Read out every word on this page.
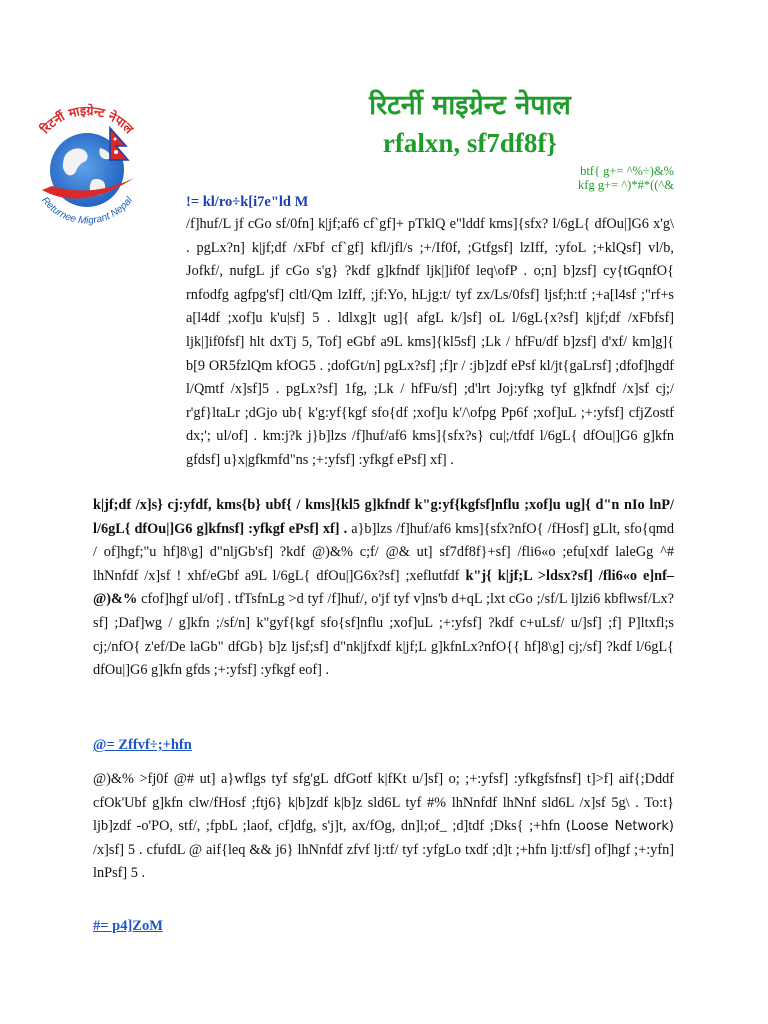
रिटर्नी माइग्रेन्ट नेपाल
Returnee Migrant Nepal
रिटर्नी माइग्रेन्ट नेपाल
rfalxn, sf7df8f}
btf{ g+= ^%÷)&%
kfg g+= ^)*#*((^&
!= kl/ro÷k[i7e"ld M

/f]huf/L jf cGo sf/0fn] k|jf;af6 cf`gf]+ pTklQ e"lddf kms]{sfx? l/6gL{ dfOu|]G6 x'g\ . pgLx?n] k|jf;df /xFbf cf`gf] kfl/jfl/s ;+/If0f, ;Gtfgsf] lzIff, :yfoL ;+klQsf] vl/b, Jofkf/, nufgL jf cGo s'g} ?kdf g]kfndf ljk|]if0f leq\ofP . o;n] b]zsf] cy{tGqnfO{ rnfodfg agfpg'sf] cltl/Qm lzIff, ;jf:Yo, hLjg:t/ tyf zx/Ls/0fsf] ljsf;h:tf ;+a[l4sf ;"rf+s a[l4df ;xof]u k'u|sf] 5 . ldlxg]t ug]{ afgL k/]sf] oL l/6gL{x?sf] k|jf;df /xFbfsf] ljk|]if0fsf] hlt dxTj 5, Tof] eGbf a9L kms]{kl5sf] ;Lk / hfFu/df b]zsf] d'xf/ km]g]{ b[9 OR5fzlQm kfOG5 . ;dofGt/n] pgLx?sf] ;f]r / :jb]zdf ePsf kl/jt{gaLrsf] ;dfof]hgdf l/Qmtf /x]sf]5 . pgLx?sf] 1fg, ;Lk / hfFu/sf] ;d'lrt Joj:yfkg tyf g]kfndf /x]sf cj;/ r'gf}ltaLr ;dGjo ub{ k'g:yf{kgf sfo{df ;xof]u k'/\ofpg Pp6f ;xof]uL ;+:yfsf] cfjZostf dx;'; ul/of] . km:j?k j}b]lzs /f]huf/af6 kms]{sfx?s} cu|;/tfdf l/6gL{ dfOu|]G6 g]kfn gfdsf] u}x|gfkmfd"ns ;+:yfsf] :yfkgf ePsf] xf] .

k|jf;df /x]s} cj:yfdf, kms{b} ubf{ / kms]{kl5 g]kfndf k"g:yf{kgfsf]nflu ;xof]u ug]{ d"n nIo lnP/ l/6gL{ dfOu|]G6 g]kfnsf] :yfkgf ePsf] xf] . a}b]lzs /f]huf/af6 kms]{sfx?nfO{ /fHosf] gLlt, sfo{qmd / of]hgf;"u hf]8\g] d"nljGb'sf] ?kdf @)&% c;f/ @& ut] sf7df8f}+sf] /fli6«o ;efu[xdf laleGg ^# lhNnfdf /x]sf ! xhf/eGbf a9L l/6gL{ dfOu|]G6x?sf] ;xeflutfdf k"j{ k|jf;L >ldsx?sf] /fli6«o e]nf–@)&% cfof]hgf ul/of] . tfTsfnLg >d tyf /f]huf/, o'jf tyf v]ns'b d+qL ;lxt cGo ;/sf/L ljlzi6 kbflwsf/Lx?sf] ;Daf]wg / g]kfn ;/sf/n] k"gyf{kgf sfo{sf]nflu ;xof]uL ;+:yfsf] ?kdf c+uLsf/ u/]sf] ;f] P]ltxfl;s cj;/nfO{ z'ef/De laGb" dfGb} b]z ljsf;sf] d"nk|jfxdf k|jf;L g]kfnLx?nfO{{ hf]8\g] cj;/sf] ?kdf l/6gL{ dfOu|]G6 g]kfn gfds ;+:yfsf] :yfkgf eof] .

@= Zffvf÷;+hfn

@)&% >fj0f @# ut] a}wflgs tyf sfg'gL dfGotf k|fKt u/]sf] o; ;+:yfsf] :yfkgfsfnsf] t]>f] aif{;Dddf cfOk'Ubf g]kfn clw/fHosf ;ftj6} k|b]zdf k|b]z sld6L tyf #% lhNnfdf lhNnf sld6L /x]sf 5g\ . To:t} ljb]zdf -o'PO, stf/, ;fpbL ;laof, cf]dfg, s'j]t, ax/fOg, dn]l;of_ ;d]tdf ;Dks{ ;+hfn (Loose Network) /x]sf] 5 . cfufdL @ aif{leq && j6} lhNnfdf zfvf lj:tf/ tyf :yfgLo txdf ;d]t ;+hfn lj:tf/sf] of]hgf ;+:yfn] lnPsf] 5 .

#= p4]ZoM
